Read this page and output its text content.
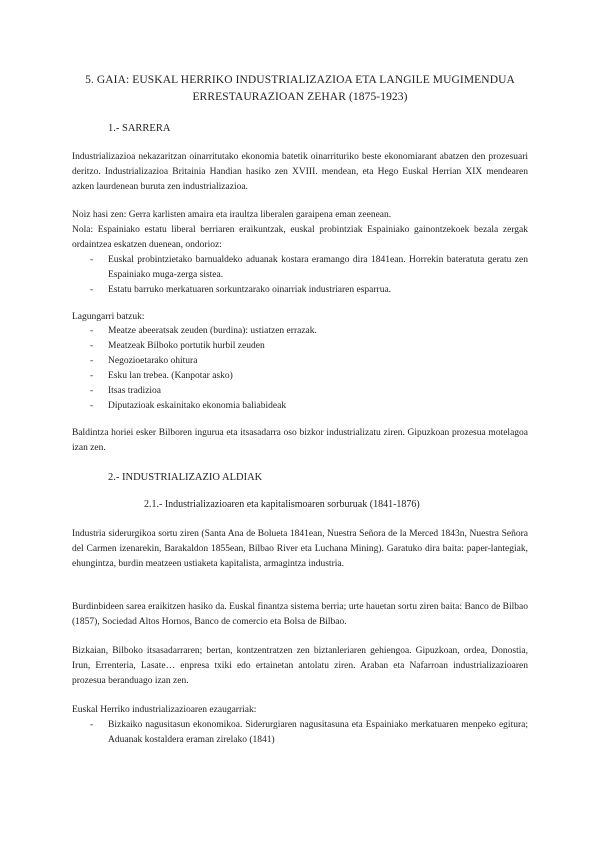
5. GAIA: EUSKAL HERRIKO INDUSTRIALIZAZIOA ETA LANGILE MUGIMENDUA
ERRESTAURAZIOAN ZEHAR (1875-1923)
1.- SARRERA
Industrializazioa nekazaritzan oinarritutako ekonomia batetik oinarrituriko beste ekonomiarant abatzen den prozesuari deritzo. Industrializazioa Britainia Handian hasiko zen XVIII. mendean, eta Hego Euskal Herrian XIX mendearen azken laurdenean buruta zen industrializazioa.
Noiz hasi zen: Gerra karlisten amaira eta iraultza liberalen garaipena eman zeenean.
Nola: Espainiako estatu liberal berriaren eraikuntzak, euskal probintziak Espainiako gainontzekoek bezala zergak ordaintzea eskatzen duenean, ondorioz:
- Euskal probintzietako barnualdeko aduanak kostara eramango dira 1841ean. Horrekin bateratuta geratu zen Espainiako muga-zerga sistea.
- Estatu barruko merkatuaren sorkuntzarako oinarriak industriaren esparrua.
Lagungarri batzuk:
- Meatze abeeratsak zeuden (burdina): ustiatzen errazak.
- Meatzeak Bilboko portutik hurbil zeuden
- Negozioetarako ohitura
- Esku lan trebea. (Kanpotar asko)
- Itsas tradizioa
- Diputazioak eskainitako ekonomia baliabideak
Baldintza horiei esker Bilboren ingurua eta itsasadarra oso bizkor industrializatu ziren. Gipuzkoan prozesua motelagoa izan zen.
2.- INDUSTRIALIZAZIO ALDIAK
2.1.- Industrializazioaren eta kapitalismoaren sorburuak (1841-1876)
Industria siderurgikoa sortu ziren (Santa Ana de Bolueta 1841ean, Nuestra Señora de la Merced 1843n, Nuestra Señora del Carmen izenarekin, Barakaldon 1855ean, Bilbao River eta Luchana Mining). Garatuko dira baita: paper-lantegiak, ehungintza, burdin meatzeen ustiaketa kapitalista, armagintza industria.
Burdinbideen sarea eraikitzen hasiko da. Euskal finantza sistema berria; urte hauetan sortu ziren baita: Banco de Bilbao (1857), Sociedad Altos Hornos, Banco de comercio eta Bolsa de Bilbao.
Bizkaian, Bilboko itsasadarraren; bertan, kontzentratzen zen biztanleriaren gehiengoa. Gipuzkoan, ordea, Donostia, Irun, Errenteria, Lasate… enpresa txiki edo ertainetan antolatu ziren. Araban eta Nafarroan industrializazioaren prozesua beranduago izan zen.
Euskal Herriko industrializazioaren ezaugarriak:
- Bizkaiko nagusitasun ekonomikoa. Siderurgiaren nagusitasuna eta Espainiako merkatuaren menpeko egitura; Aduanak kostaldera eraman zirelako (1841)
